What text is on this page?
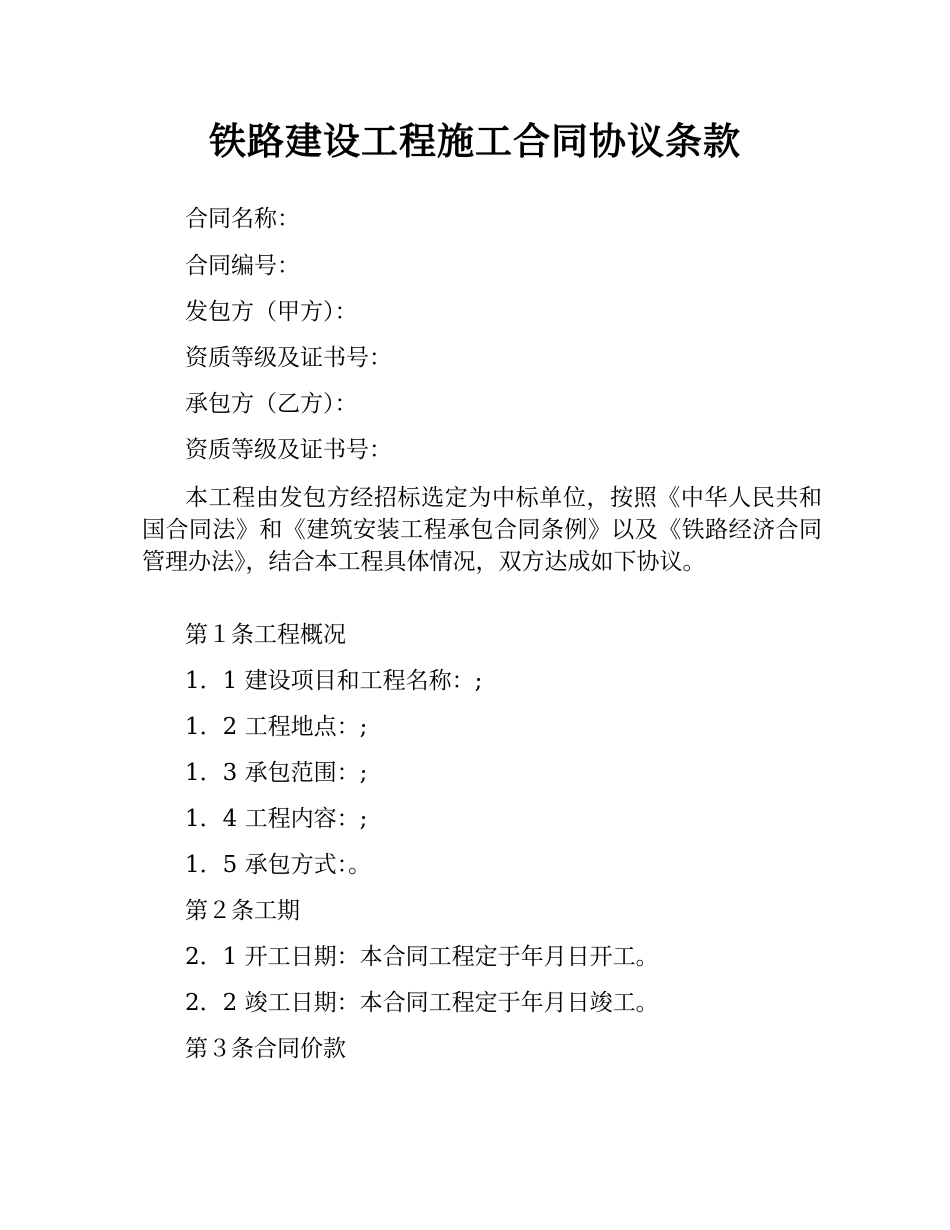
铁路建设工程施工合同协议条款

合同名称：

合同编号：

发包方（甲方）：

资质等级及证书号：

承包方（乙方）：

资质等级及证书号：

本工程由发包方经招标选定为中标单位，按照《中华人民共和国合同法》和《建筑安装工程承包合同条例》以及《铁路经济合同管理办法》，结合本工程具体情况，双方达成如下协议。

第１条工程概况

1．1 建设项目和工程名称：;

1．2 工程地点：;

1．3 承包范围：;

1．4 工程内容：;

1．5 承包方式：。

第２条工期

2．1 开工日期：本合同工程定于年月日开工。

2．2 竣工日期：本合同工程定于年月日竣工。

第３条合同价款
